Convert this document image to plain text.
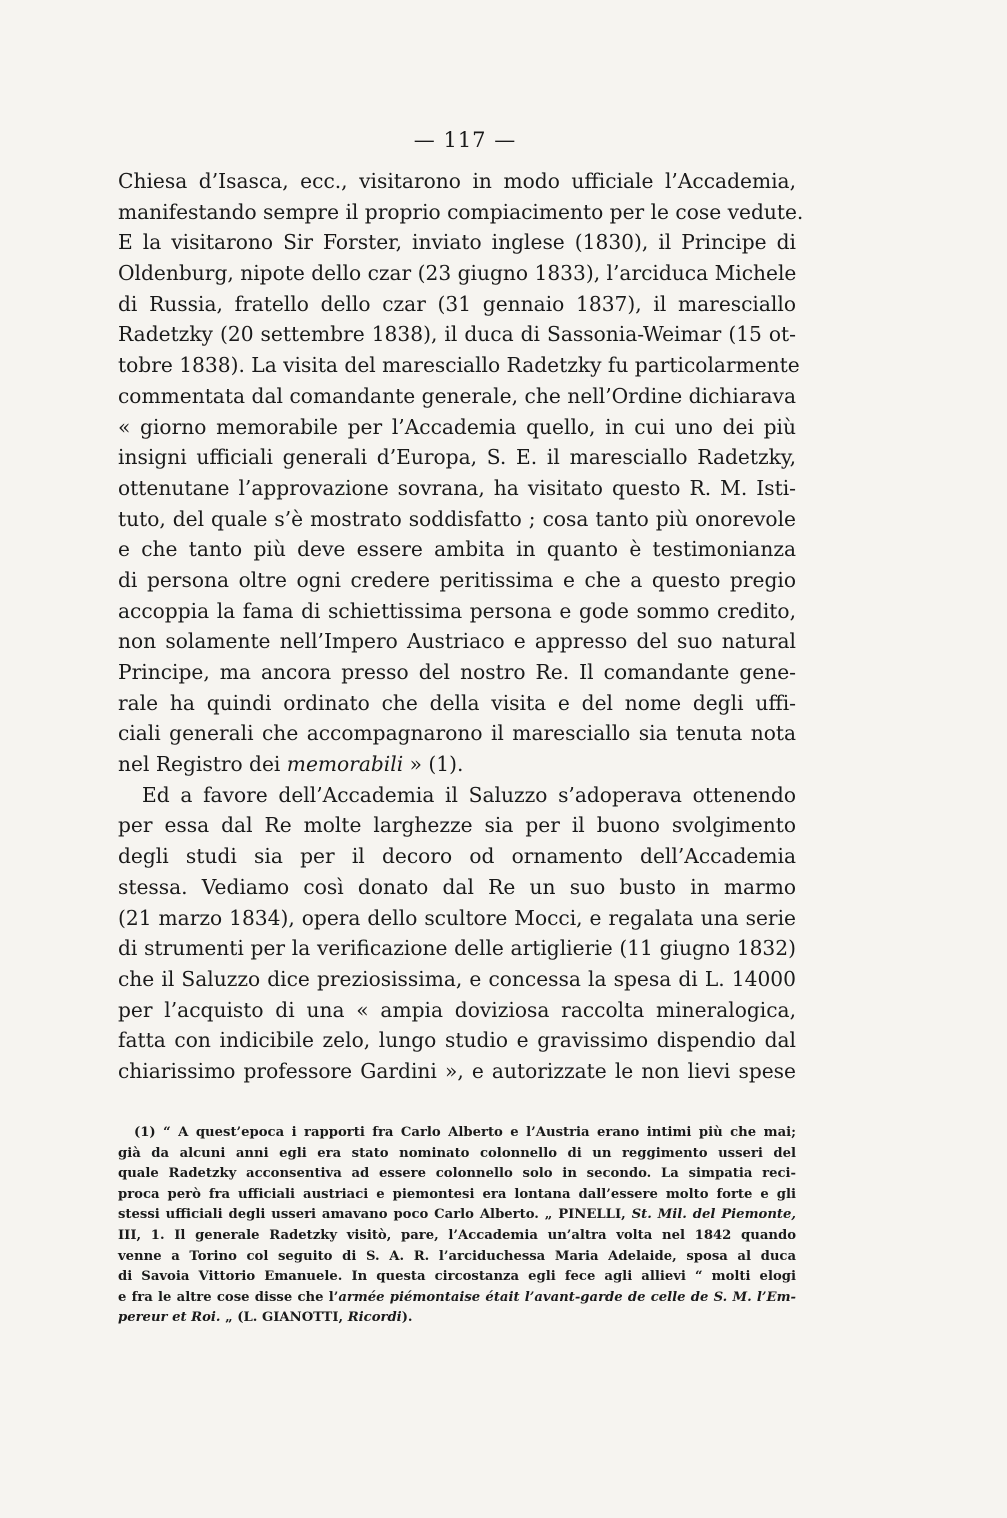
— 117 —
Chiesa d’Isasca, ecc., visitarono in modo ufficiale l’Accademia,
manifestando sempre il proprio compiacimento per le cose vedute.
E la visitarono Sir Forster, inviato inglese (1830), il Principe di
Oldenburg, nipote dello czar (23 giugno 1833), l’arciduca Michele
di Russia, fratello dello czar (31 gennaio 1837), il maresciallo
Radetzky (20 settembre 1838), il duca di Sassonia-Weimar (15 ot-
tobre 1838). La visita del maresciallo Radetzky fu particolarmente
commentata dal comandante generale, che nell’Ordine dichiarava
« giorno memorabile per l’Accademia quello, in cui uno dei più
insigni ufficiali generali d’Europa, S. E. il maresciallo Radetzky,
ottenutane l’approvazione sovrana, ha visitato questo R. M. Isti-
tuto, del quale s’è mostrato soddisfatto ; cosa tanto più onorevole
e che tanto più deve essere ambita in quanto è testimonianza
di persona oltre ogni credere peritissima e che a questo pregio
accoppia la fama di schiettissima persona e gode sommo credito,
non solamente nell’Impero Austriaco e appresso del suo natural
Principe, ma ancora presso del nostro Re. Il comandante gene-
rale ha quindi ordinato che della visita e del nome degli uffi-
ciali generali che accompagnarono il maresciallo sia tenuta nota
nel Registro dei memorabili » (1).
Ed a favore dell’Accademia il Saluzzo s’adoperava ottenendo
per essa dal Re molte larghezze sia per il buono svolgimento
degli studi sia per il decoro od ornamento dell’Accademia
stessa. Vediamo così donato dal Re un suo busto in marmo
(21 marzo 1834), opera dello scultore Mocci, e regalata una serie
di strumenti per la verificazione delle artiglierie (11 giugno 1832)
che il Saluzzo dice preziosissima, e concessa la spesa di L. 14000
per l’acquisto di una « ampia doviziosa raccolta mineralogica,
fatta con indicibile zelo, lungo studio e gravissimo dispendio dal
chiarissimo professore Gardini », e autorizzate le non lievi spese
(1) “ A quest’epoca i rapporti fra Carlo Alberto e l’Austria erano intimi più che mai;
già da alcuni anni egli era stato nominato colonnello di un reggimento usseri del
quale Radetzky acconsentiva ad essere colonnello solo in secondo. La simpatia reci-
proca però fra ufficiali austriaci e piemontesi era lontana dall’essere molto forte e gli
stessi ufficiali degli usseri amavano poco Carlo Alberto. „ PINELLI, St. Mil. del Piemonte,
III, 1. Il generale Radetzky visitò, pare, l’Accademia un’altra volta nel 1842 quando
venne a Torino col seguito di S. A. R. l’arciduchessa Maria Adelaide, sposa al duca
di Savoia Vittorio Emanuele. In questa circostanza egli fece agli allievi “ molti elogi
e fra le altre cose disse che l’armée piémontaise était l’avant-garde de celle de S. M. l’Em-
pereur et Roi. „ (L. GIANOTTI, Ricordi).
